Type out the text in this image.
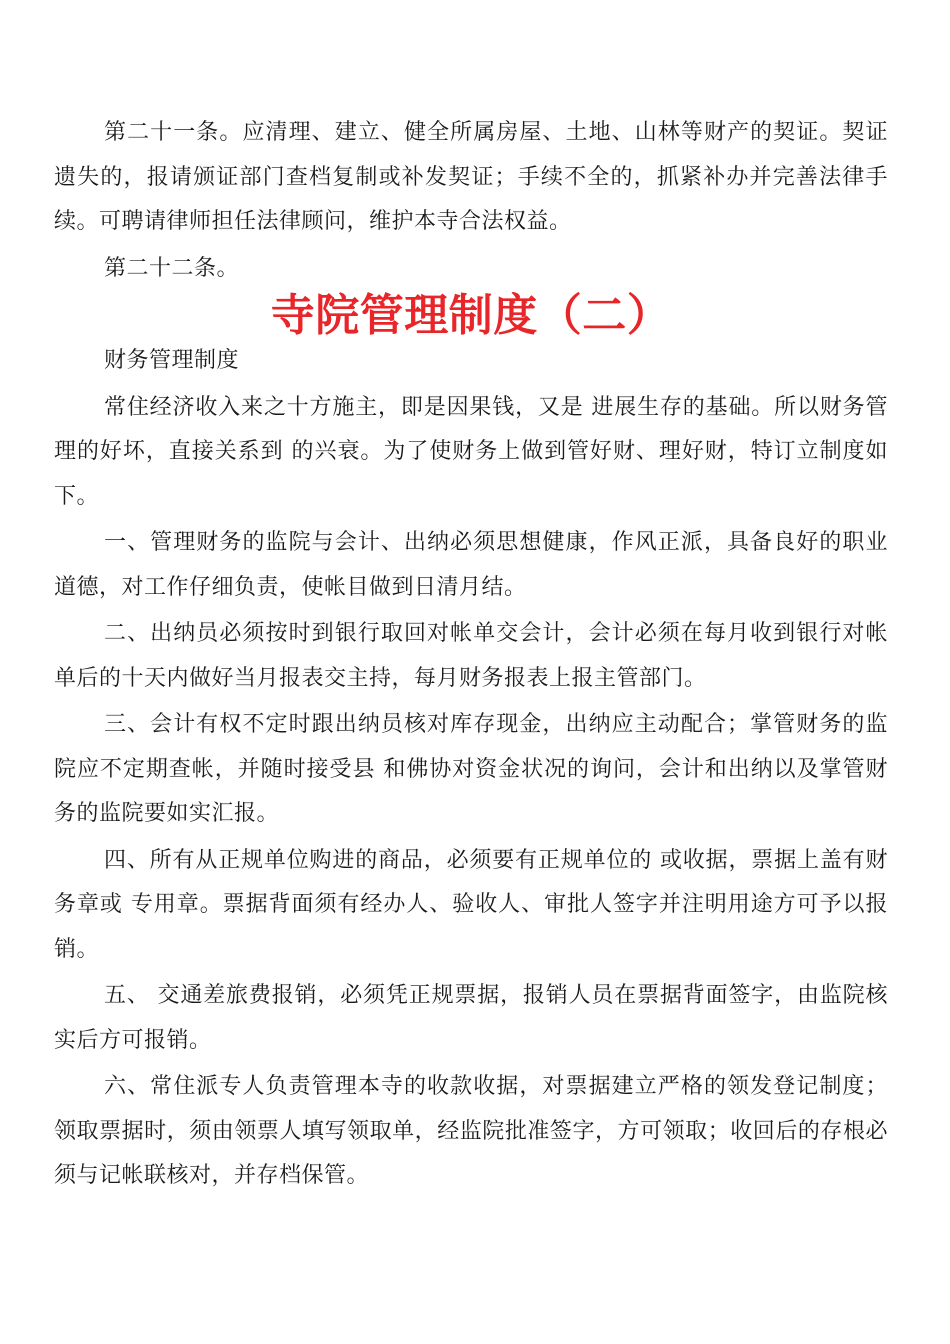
第二十一条。应清理、建立、健全所属房屋、土地、山林等财产的契证。契证遗失的，报请颁证部门查档复制或补发契证；手续不全的，抓紧补办并完善法律手续。可聘请律师担任法律顾问，维护本寺合法权益。

第二十二条。

寺院管理制度（二）

财务管理制度

常住经济收入来之十方施主，即是因果钱，又是 进展生存的基础。所以财务管理的好坏，直接关系到 的兴衰。为了使财务上做到管好财、理好财，特订立制度如下。

一、管理财务的监院与会计、出纳必须思想健康，作风正派，具备良好的职业道德，对工作仔细负责，使帐目做到日清月结。

二、出纳员必须按时到银行取回对帐单交会计，会计必须在每月收到银行对帐单后的十天内做好当月报表交主持，每月财务报表上报主管部门。

三、会计有权不定时跟出纳员核对库存现金，出纳应主动配合；掌管财务的监院应不定期查帐，并随时接受县 和佛协对资金状况的询问，会计和出纳以及掌管财务的监院要如实汇报。

四、所有从正规单位购进的商品，必须要有正规单位的 或收据，票据上盖有财务章或 专用章。票据背面须有经办人、验收人、审批人签字并注明用途方可予以报销。

五、 交通差旅费报销，必须凭正规票据，报销人员在票据背面签字，由监院核实后方可报销。

六、常住派专人负责管理本寺的收款收据，对票据建立严格的领发登记制度；领取票据时，须由领票人填写领取单，经监院批准签字，方可领取；收回后的存根必须与记帐联核对，并存档保管。
